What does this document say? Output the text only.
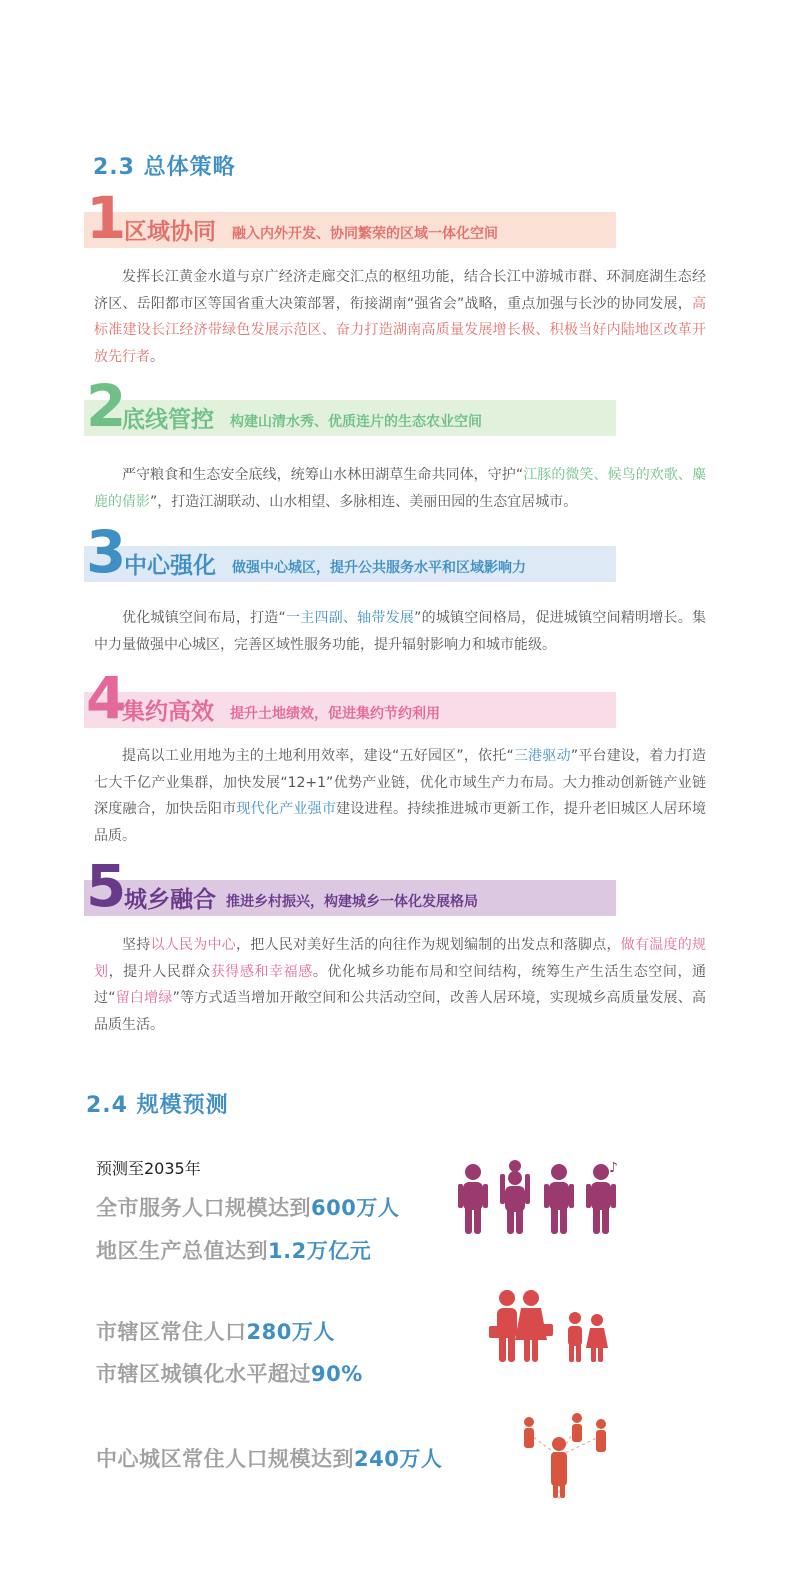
2.3 总体策略
1
区域协同 融入内外开发、协同繁荣的区域一体化空间
发挥长江黄金水道与京广经济走廊交汇点的枢纽功能，结合长江中游城市群、环洞庭湖生态经济区、岳阳都市区等国省重大决策部署，衔接湖南“强省会”战略，重点加强与长沙的协同发展，高标准建设长江经济带绿色发展示范区、奋力打造湖南高质量发展增长极、积极当好内陆地区改革开放先行者。
2
底线管控 构建山清水秀、优质连片的生态农业空间
严守粮食和生态安全底线，统筹山水林田湖草生命共同体，守护“江豚的微笑、候鸟的欢歌、麋鹿的倩影”，打造江湖联动、山水相望、多脉相连、美丽田园的生态宜居城市。
3
中心强化 做强中心城区，提升公共服务水平和区域影响力
优化城镇空间布局，打造“一主四副、轴带发展”的城镇空间格局，促进城镇空间精明增长。集中力量做强中心城区，完善区域性服务功能，提升辐射影响力和城市能级。
4
集约高效 提升土地绩效，促进集约节约利用
提高以工业用地为主的土地利用效率，建设“五好园区”，依托“三港驱动”平台建设，着力打造七大千亿产业集群，加快发展“12+1”优势产业链，优化市域生产力布局。大力推动创新链产业链深度融合，加快岳阳市现代化产业强市建设进程。持续推进城市更新工作，提升老旧城区人居环境品质。
5
城乡融合 推进乡村振兴，构建城乡一体化发展格局
坚持以人民为中心，把人民对美好生活的向往作为规划编制的出发点和落脚点，做有温度的规划，提升人民群众获得感和幸福感。优化城乡功能布局和空间结构，统筹生产生活生态空间，通过“留白增绿”等方式适当增加开敞空间和公共活动空间，改善人居环境，实现城乡高质量发展、高品质生活。
2.4 规模预测
预测至2035年
全市服务人口规模达到600万人
地区生产总值达到1.2万亿元
市辖区常住人口280万人
市辖区城镇化水平超过90%
中心城区常住人口规模达到240万人
♪
